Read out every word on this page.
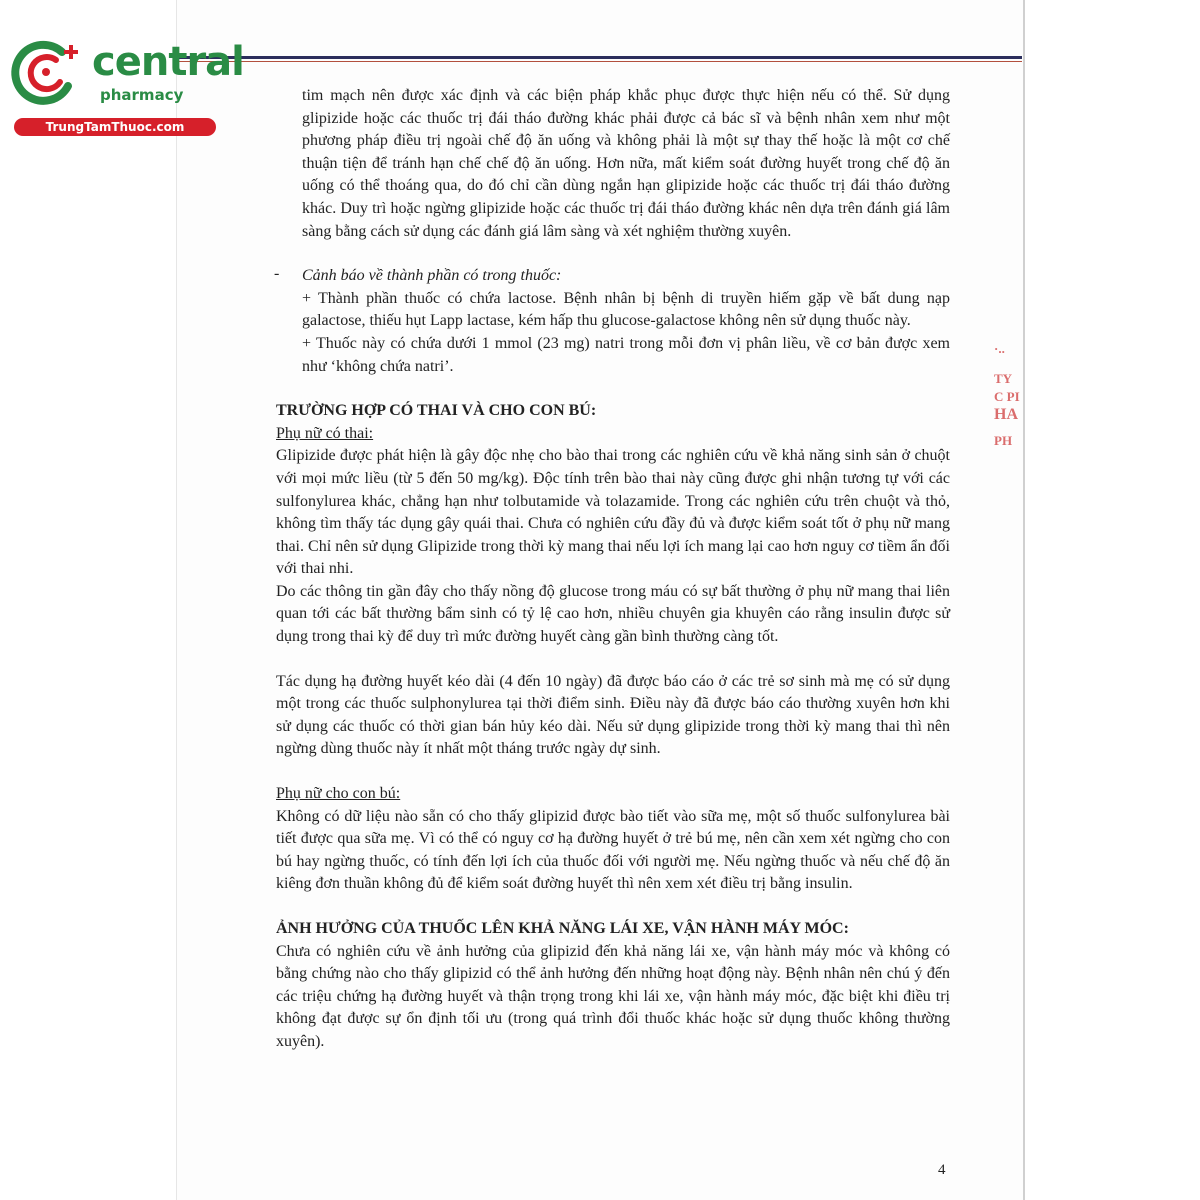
central
pharmacy
TrungTamThuoc.com
·..
TY
C PI
HA
PH

tim mạch nên được xác định và các biện pháp khắc phục được thực hiện nếu có thể. Sử dụng glipizide hoặc các thuốc trị đái tháo đường khác phải được cả bác sĩ và bệnh nhân xem như một phương pháp điều trị ngoài chế độ ăn uống và không phải là một sự thay thế hoặc là một cơ chế thuận tiện để tránh hạn chế chế độ ăn uống. Hơn nữa, mất kiểm soát đường huyết trong chế độ ăn uống có thể thoáng qua, do đó chỉ cần dùng ngắn hạn glipizide hoặc các thuốc trị đái tháo đường khác. Duy trì hoặc ngừng glipizide hoặc các thuốc trị đái tháo đường khác nên dựa trên đánh giá lâm sàng bằng cách sử dụng các đánh giá lâm sàng và xét nghiệm thường xuyên.

- Cảnh báo về thành phần có trong thuốc:

+ Thành phần thuốc có chứa lactose. Bệnh nhân bị bệnh di truyền hiếm gặp về bất dung nạp galactose, thiếu hụt Lapp lactase, kém hấp thu glucose-galactose không nên sử dụng thuốc này.

+ Thuốc này có chứa dưới 1 mmol (23 mg) natri trong mỗi đơn vị phân liều, về cơ bản được xem như ‘không chứa natri’.

TRƯỜNG HỢP CÓ THAI VÀ CHO CON BÚ:

Phụ nữ có thai:

Glipizide được phát hiện là gây độc nhẹ cho bào thai trong các nghiên cứu về khả năng sinh sản ở chuột với mọi mức liều (từ 5 đến 50 mg/kg). Độc tính trên bào thai này cũng được ghi nhận tương tự với các sulfonylurea khác, chẳng hạn như tolbutamide và tolazamide. Trong các nghiên cứu trên chuột và thỏ, không tìm thấy tác dụng gây quái thai. Chưa có nghiên cứu đầy đủ và được kiểm soát tốt ở phụ nữ mang thai. Chỉ nên sử dụng Glipizide trong thời kỳ mang thai nếu lợi ích mang lại cao hơn nguy cơ tiềm ẩn đối với thai nhi.

Do các thông tin gần đây cho thấy nồng độ glucose trong máu có sự bất thường ở phụ nữ mang thai liên quan tới các bất thường bẩm sinh có tỷ lệ cao hơn, nhiều chuyên gia khuyên cáo rằng insulin được sử dụng trong thai kỳ để duy trì mức đường huyết càng gần bình thường càng tốt.

Tác dụng hạ đường huyết kéo dài (4 đến 10 ngày) đã được báo cáo ở các trẻ sơ sinh mà mẹ có sử dụng một trong các thuốc sulphonylurea tại thời điểm sinh. Điều này đã được báo cáo thường xuyên hơn khi sử dụng các thuốc có thời gian bán hủy kéo dài. Nếu sử dụng glipizide trong thời kỳ mang thai thì nên ngừng dùng thuốc này ít nhất một tháng trước ngày dự sinh.

Phụ nữ cho con bú:

Không có dữ liệu nào sẵn có cho thấy glipizid được bào tiết vào sữa mẹ, một số thuốc sulfonylurea bài tiết được qua sữa mẹ. Vì có thể có nguy cơ hạ đường huyết ở trẻ bú mẹ, nên cần xem xét ngừng cho con bú hay ngừng thuốc, có tính đến lợi ích của thuốc đối với người mẹ. Nếu ngừng thuốc và nếu chế độ ăn kiêng đơn thuần không đủ để kiểm soát đường huyết thì nên xem xét điều trị bằng insulin.

ẢNH HƯỞNG CỦA THUỐC LÊN KHẢ NĂNG LÁI XE, VẬN HÀNH MÁY MÓC:

Chưa có nghiên cứu về ảnh hưởng của glipizid đến khả năng lái xe, vận hành máy móc và không có bằng chứng nào cho thấy glipizid có thể ảnh hưởng đến những hoạt động này. Bệnh nhân nên chú ý đến các triệu chứng hạ đường huyết và thận trọng trong khi lái xe, vận hành máy móc, đặc biệt khi điều trị không đạt được sự ổn định tối ưu (trong quá trình đổi thuốc khác hoặc sử dụng thuốc không thường xuyên).

4
